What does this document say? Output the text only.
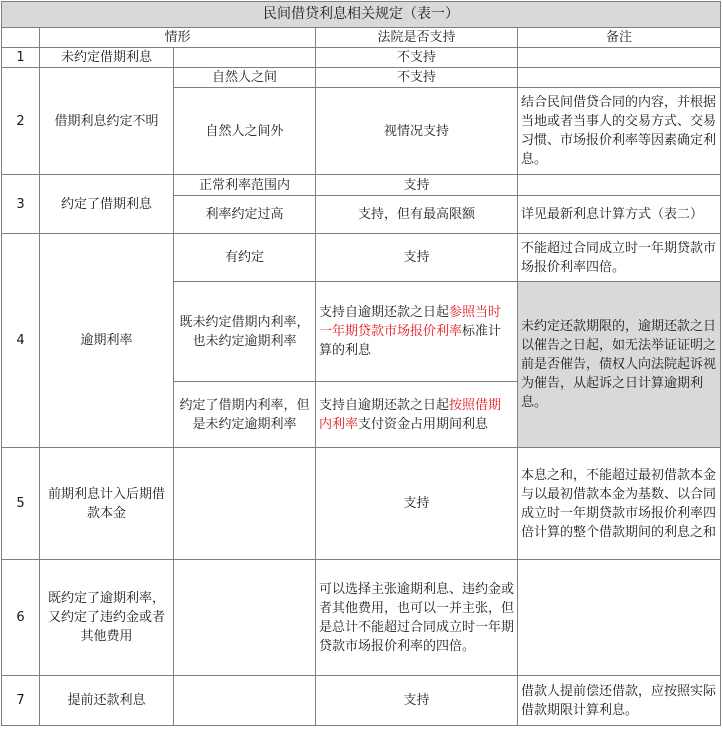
民间借贷利息相关规定（表一）				
	情形		法院是否支持	备注
1	未约定借期利息		不支持	
2	借期利息约定不明	自然人之间	不支持	
		自然人之间外	视情况支持	结合民间借贷合同的内容，并根据当地或者当事人的交易方式、交易习惯、市场报价利率等因素确定利息。
3	约定了借期利息	正常利率范围内	支持	
		利率约定过高	支持，但有最高限额	详见最新利息计算方式（表二）
4	逾期利率	有约定	支持	不能超过合同成立时一年期贷款市场报价利率四倍。
		既未约定借期内利率，也未约定逾期利率	支持自逾期还款之日起参照当时一年期贷款市场报价利率标准计算的利息	未约定还款期限的，逾期还款之日以催告之日起，如无法举证证明之前是否催告，债权人向法院起诉视为催告，从起诉之日计算逾期利息。
		约定了借期内利率，但是未约定逾期利率	支持自逾期还款之日起按照借期内利率支付资金占用期间利息	
5	前期利息计入后期借款本金		支持	本息之和，不能超过最初借款本金与以最初借款本金为基数、以合同成立时一年期贷款市场报价利率四倍计算的整个借款期间的利息之和
6	既约定了逾期利率，又约定了违约金或者其他费用		可以选择主张逾期利息、违约金或者其他费用，也可以一并主张，但是总计不能超过合同成立时一年期贷款市场报价利率的四倍。	
7	提前还款利息		支持	借款人提前偿还借款，应按照实际借款期限计算利息。
